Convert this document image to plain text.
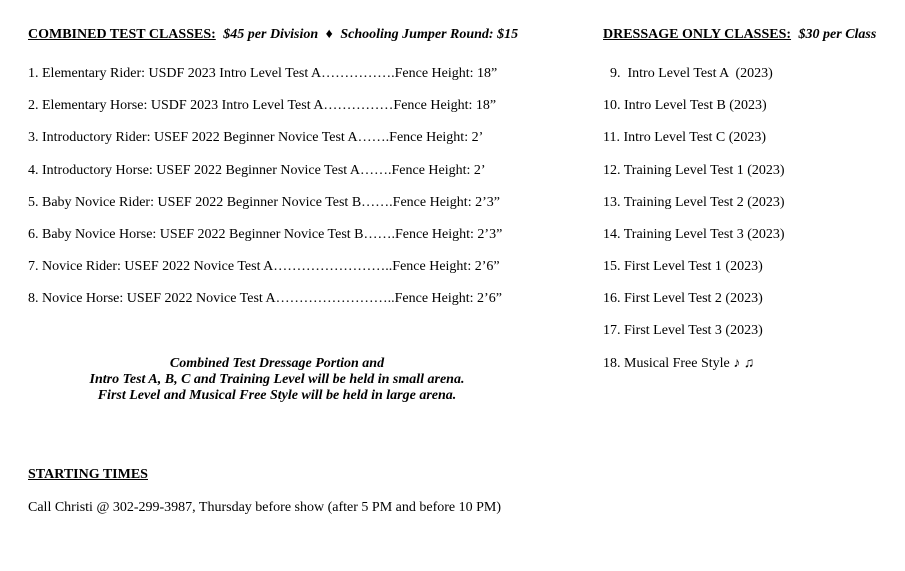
COMBINED TEST CLASSES: $45 per Division ♦ Schooling Jumper Round: $15
1. Elementary Rider: USDF 2023 Intro Level Test A…………….Fence Height: 18”
2. Elementary Horse: USDF 2023 Intro Level Test A……………Fence Height: 18”
3. Introductory Rider: USEF 2022 Beginner Novice Test A…….Fence Height: 2’
4. Introductory Horse: USEF 2022 Beginner Novice Test A…….Fence Height: 2’
5. Baby Novice Rider: USEF 2022 Beginner Novice Test B…….Fence Height: 2’3”
6. Baby Novice Horse: USEF 2022 Beginner Novice Test B…….Fence Height: 2’3”
7. Novice Rider: USEF 2022 Novice Test A……………………..Fence Height: 2’6”
8. Novice Horse: USEF 2022 Novice Test A……………………..Fence Height: 2’6”
DRESSAGE ONLY CLASSES: $30 per Class
9.  Intro Level Test A  (2023)
10. Intro Level Test B (2023)
11. Intro Level Test C (2023)
12. Training Level Test 1 (2023)
13. Training Level Test 2 (2023)
14. Training Level Test 3 (2023)
15. First Level Test 1 (2023)
16. First Level Test 2 (2023)
17. First Level Test 3 (2023)
18. Musical Free Style ♪ ♫
Combined Test Dressage Portion and
Intro Test A, B, C and Training Level will be held in small arena.
First Level and Musical Free Style will be held in large arena.
STARTING TIMES
Call Christi @ 302-299-3987, Thursday before show (after 5 PM and before 10 PM)
